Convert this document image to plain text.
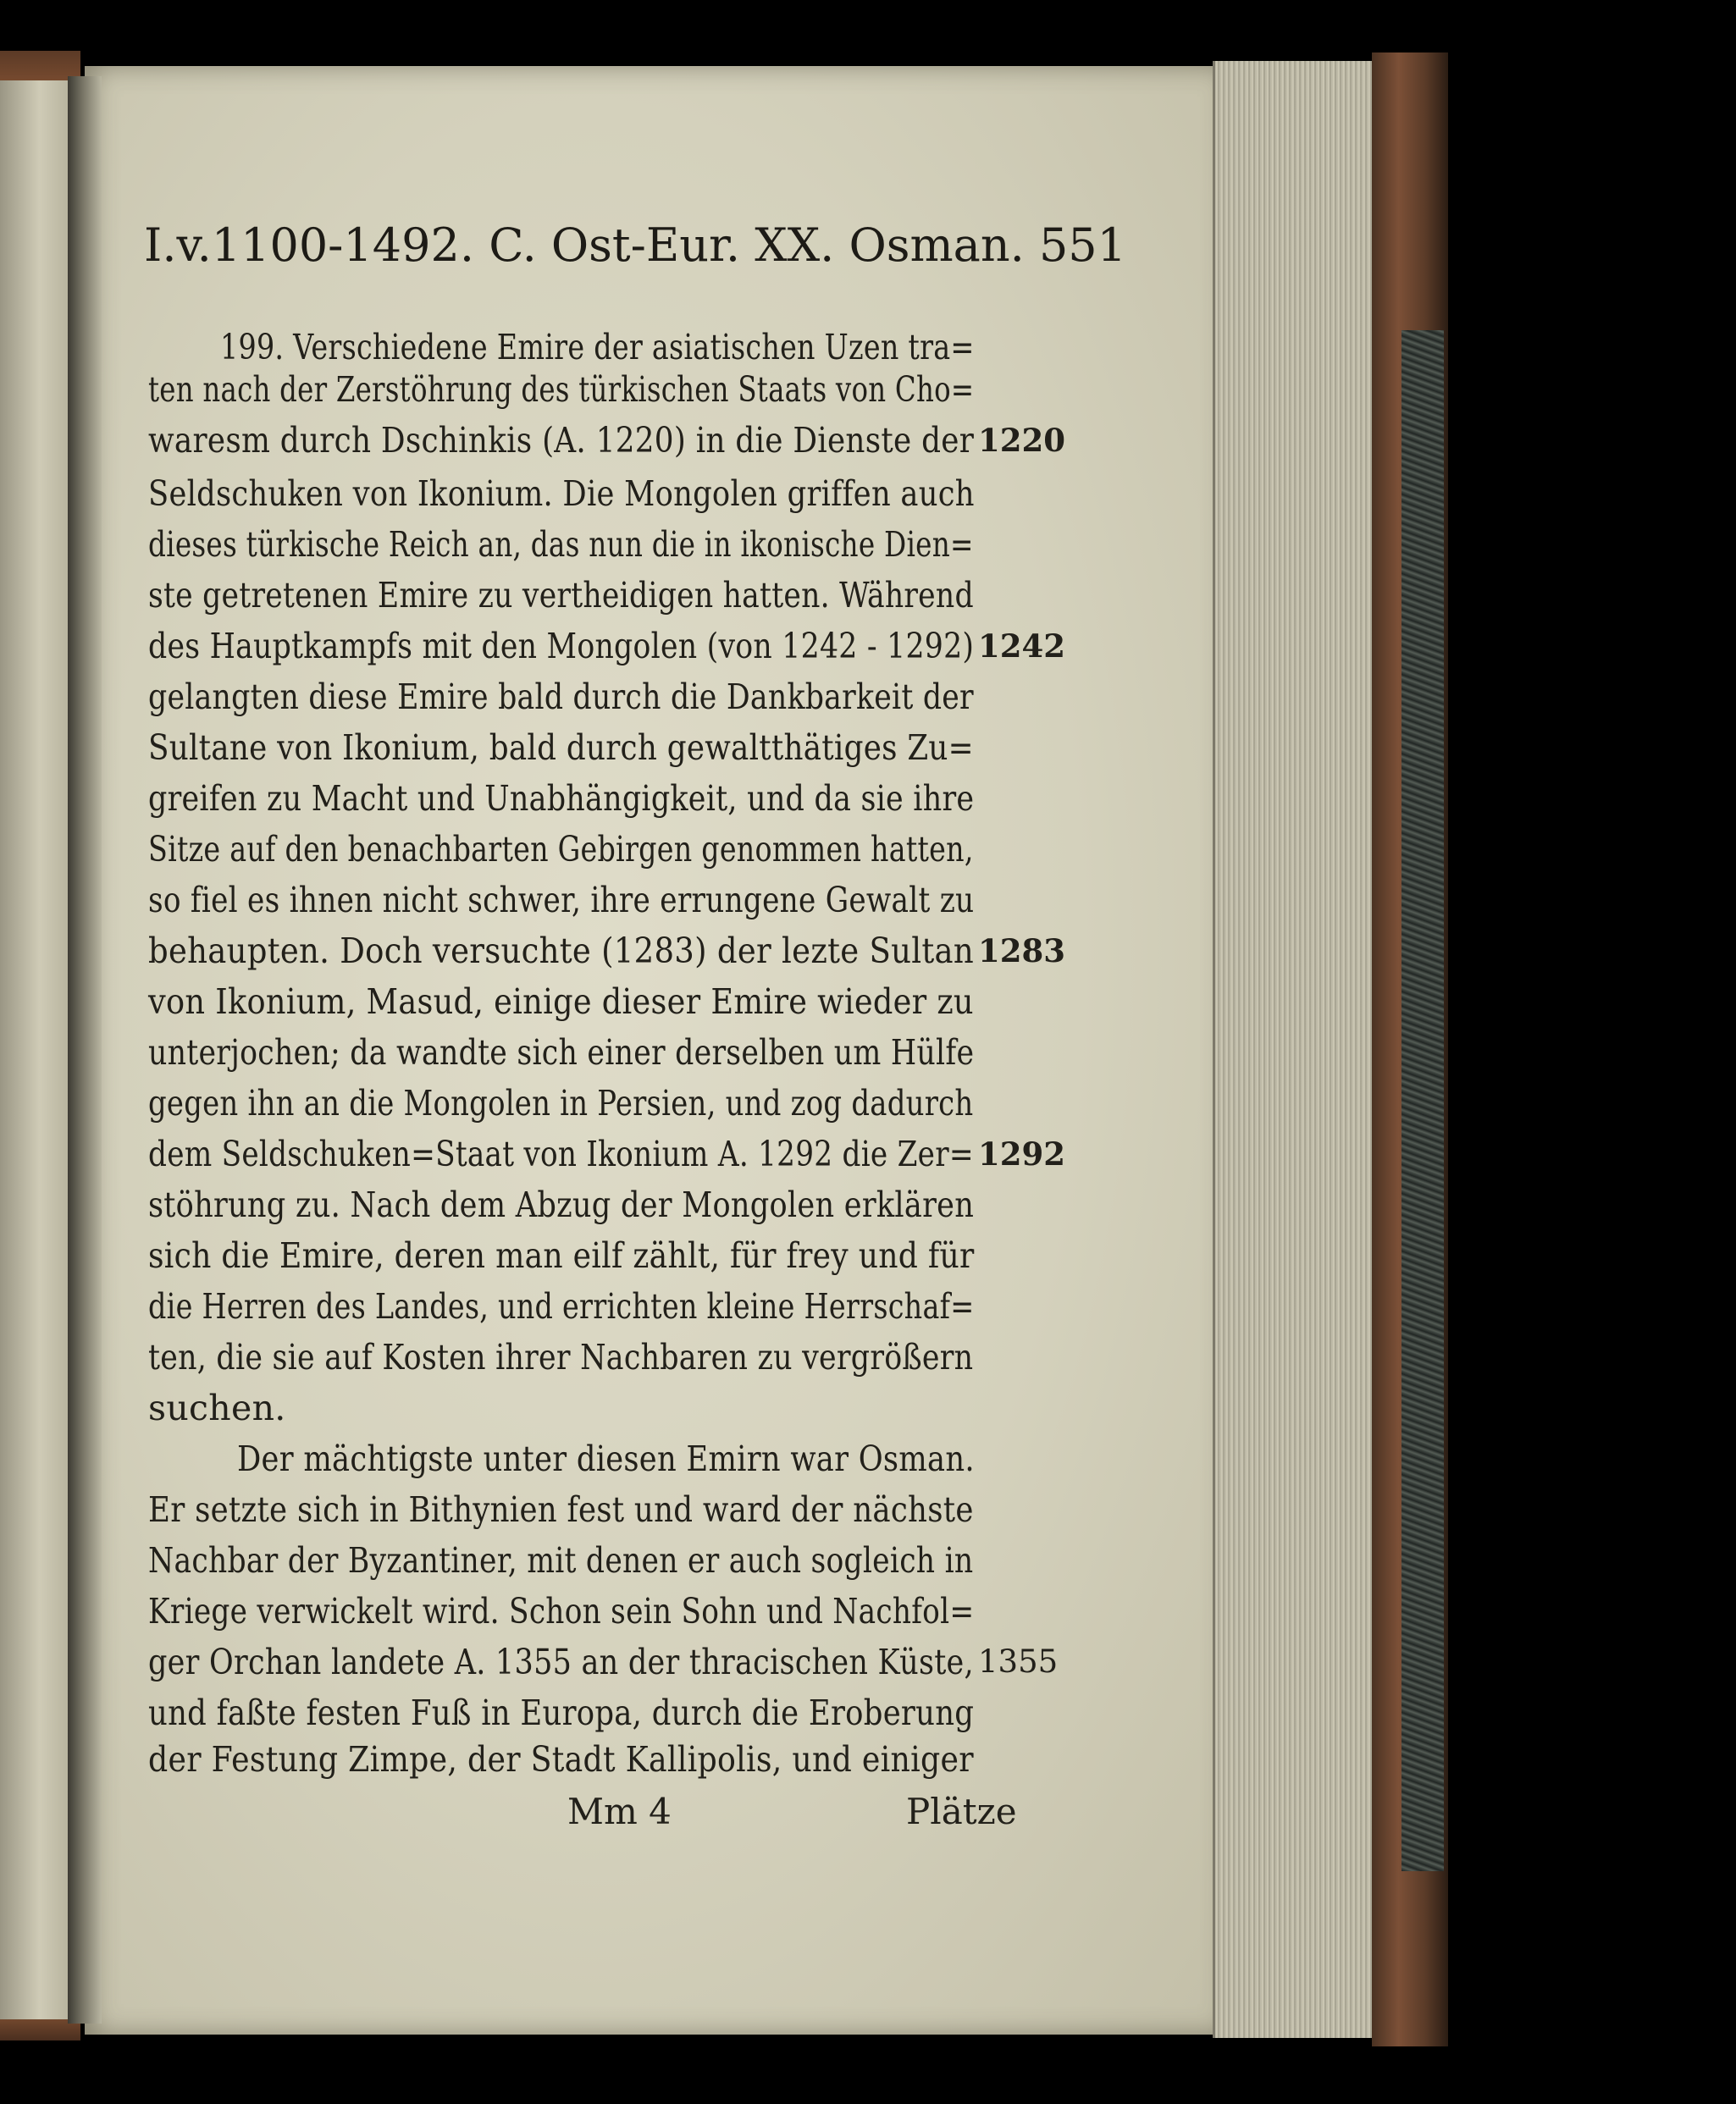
I.v.1100-1492. C. Ost-Eur. XX. Osman. 551
199. Verschiedene Emire der asiatischen Uzen tra=
ten nach der Zerstöhrung des türkischen Staats von Cho=
waresm durch Dschinkis (A. 1220) in die Dienste der
Seldschuken von Ikonium. Die Mongolen griffen auch
dieses türkische Reich an, das nun die in ikonische Dien=
ste getretenen Emire zu vertheidigen hatten. Während
des Hauptkampfs mit den Mongolen (von 1242 - 1292)
gelangten diese Emire bald durch die Dankbarkeit der
Sultane von Ikonium, bald durch gewaltthätiges Zu=
greifen zu Macht und Unabhängigkeit, und da sie ihre
Sitze auf den benachbarten Gebirgen genommen hatten,
so fiel es ihnen nicht schwer, ihre errungene Gewalt zu
behaupten. Doch versuchte (1283) der lezte Sultan
von Ikonium, Masud, einige dieser Emire wieder zu
unterjochen; da wandte sich einer derselben um Hülfe
gegen ihn an die Mongolen in Persien, und zog dadurch
dem Seldschuken=Staat von Ikonium A. 1292 die Zer=
stöhrung zu. Nach dem Abzug der Mongolen erklären
sich die Emire, deren man eilf zählt, für frey und für
die Herren des Landes, und errichten kleine Herrschaf=
ten, die sie auf Kosten ihrer Nachbaren zu vergrößern
suchen.
Der mächtigste unter diesen Emirn war Osman.
Er setzte sich in Bithynien fest und ward der nächste
Nachbar der Byzantiner, mit denen er auch sogleich in
Kriege verwickelt wird. Schon sein Sohn und Nachfol=
ger Orchan landete A. 1355 an der thracischen Küste,
und faßte festen Fuß in Europa, durch die Eroberung
der Festung Zimpe, der Stadt Kallipolis, und einiger
1220
1242
1283
1292
1355
Mm 4	Plätze
